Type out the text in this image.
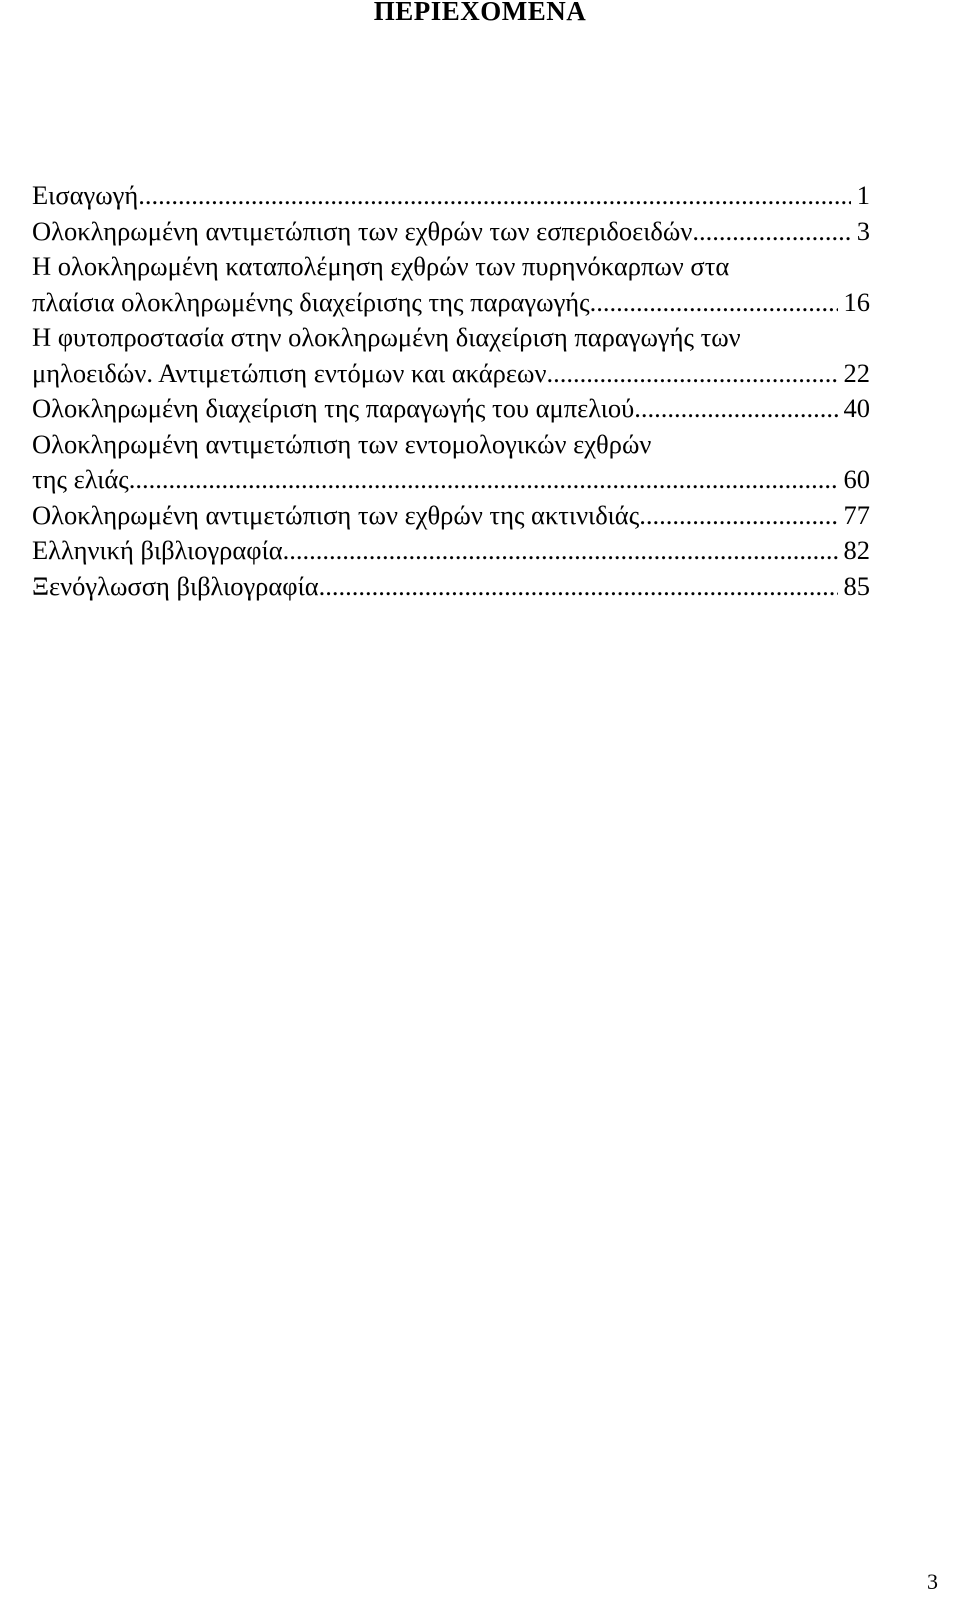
ΠΕΡΙΕΧΟΜΕΝΑ
Εισαγωγή .....	1
Ολοκληρωμένη αντιμετώπιση των εχθρών των εσπεριδοειδών .....	3
Η ολοκληρωμένη καταπολέμηση εχθρών των πυρηνόκαρπων στα
πλαίσια ολοκληρωμένης διαχείρισης της παραγωγής .....	16
Η φυτοπροστασία στην ολοκληρωμένη διαχείριση παραγωγής των
μηλοειδών. Αντιμετώπιση εντόμων και ακάρεων .....	22
Ολοκληρωμένη διαχείριση της παραγωγής του αμπελιού .....	40
Ολοκληρωμένη αντιμετώπιση των εντομολογικών εχθρών
της ελιάς .....	60
Ολοκληρωμένη αντιμετώπιση των εχθρών της ακτινιδιάς .....	77
Ελληνική βιβλιογραφία .....	82
Ξενόγλωσση βιβλιογραφία .....	85
3
